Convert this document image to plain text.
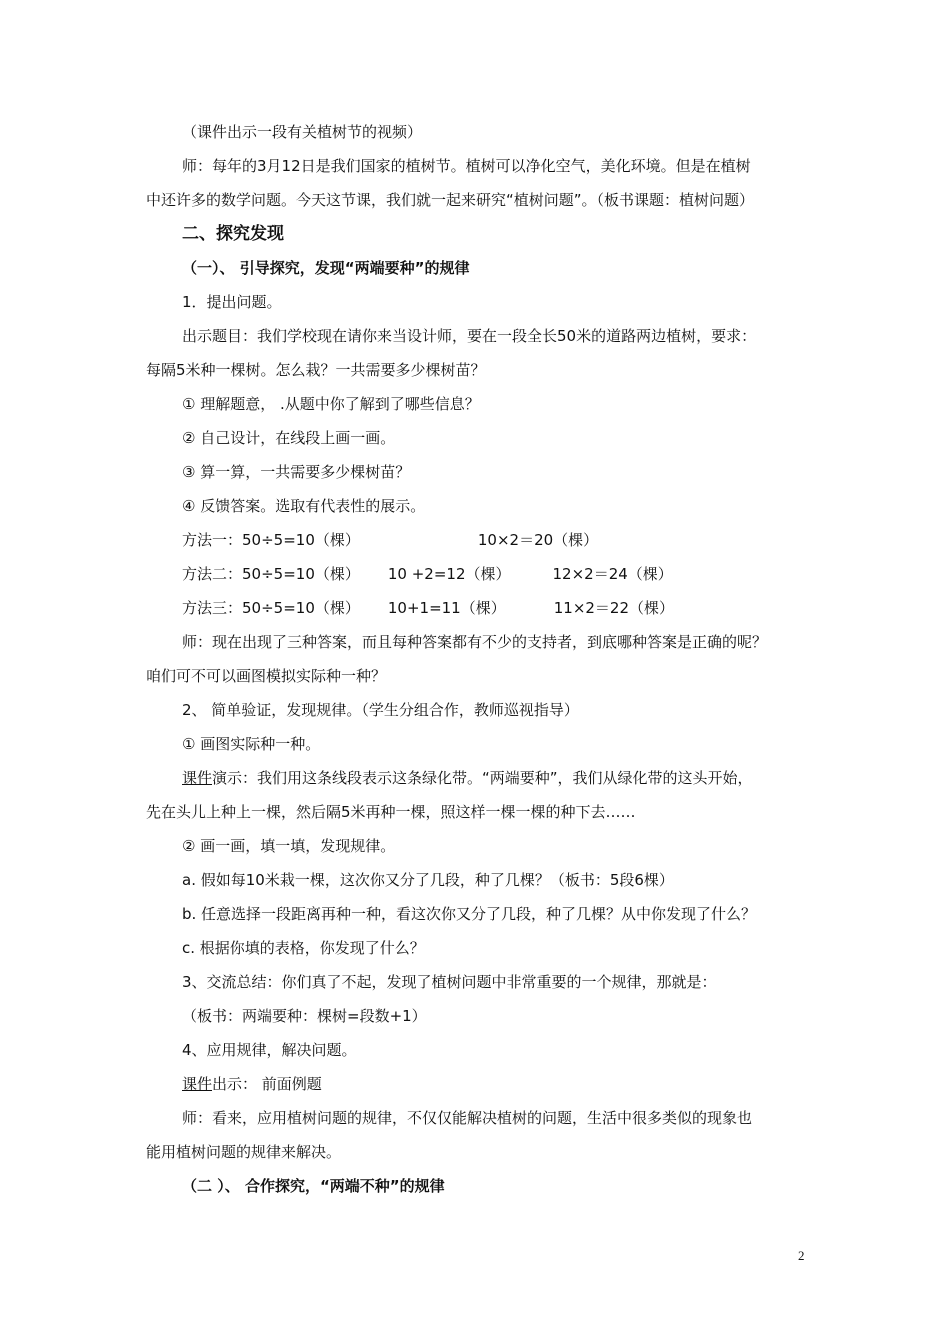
（课件出示一段有关植树节的视频）
师：每年的3月12日是我们国家的植树节。植树可以净化空气，美化环境。但是在植树
中还许多的数学问题。今天这节课，我们就一起来研究“植树问题”。（板书课题：植树问题）
二、探究发现
（一）、 引导探究，发现“两端要种”的规律
1．提出问题。
出示题目：我们学校现在请你来当设计师，要在一段全长50米的道路两边植树，要求：
每隔5米种一棵树。怎么栽？一共需要多少棵树苗？
① 理解题意， .从题中你了解到了哪些信息？
② 自己设计，在线段上画一画。
③ 算一算，一共需要多少棵树苗？
④ 反馈答案。选取有代表性的展示。
方法一：50÷5=10（棵）	10×2＝20（棵）
方法二：50÷5=10（棵） 10 +2=12（棵）	12×2＝24（棵）
方法三：50÷5=10（棵） 10+1=11（棵）	11×2＝22（棵）
师：现在出现了三种答案，而且每种答案都有不少的支持者，到底哪种答案是正确的呢？
咱们可不可以画图模拟实际种一种？
2、 简单验证，发现规律。（学生分组合作，教师巡视指导）
① 画图实际种一种。
课件演示：我们用这条线段表示这条绿化带。“两端要种”，我们从绿化带的这头开始，
先在头儿上种上一棵，然后隔5米再种一棵，照这样一棵一棵的种下去……
② 画一画，填一填，发现规律。
a. 假如每10米栽一棵，这次你又分了几段，种了几棵？（板书：5段6棵）
b. 任意选择一段距离再种一种，看这次你又分了几段，种了几棵？从中你发现了什么？
c. 根据你填的表格，你发现了什么？
3、交流总结：你们真了不起，发现了植树问题中非常重要的一个规律，那就是：
（板书：两端要种：棵树=段数+1）
4、应用规律，解决问题。
课件出示： 前面例题
师：看来，应用植树问题的规律，不仅仅能解决植树的问题，生活中很多类似的现象也
能用植树问题的规律来解决。
（二 ）、 合作探究，“两端不种”的规律
2
